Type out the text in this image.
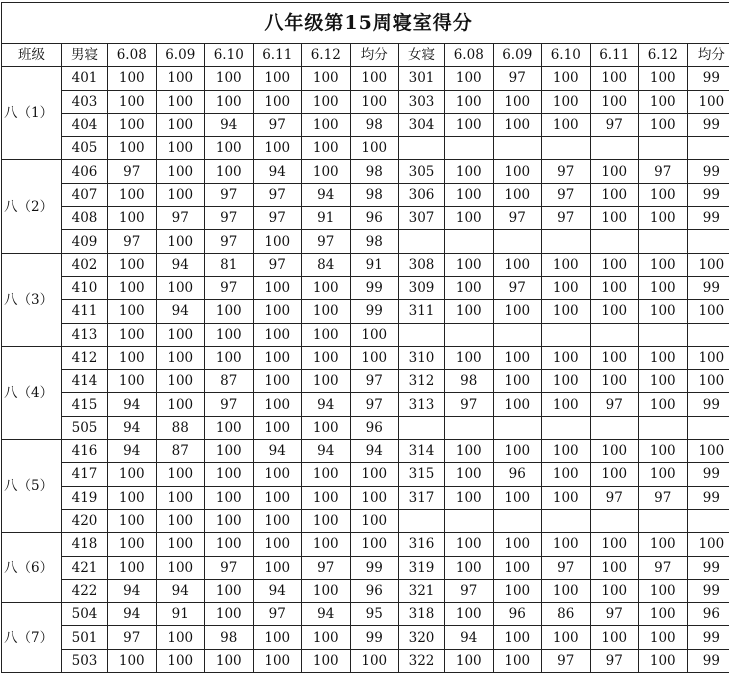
八年级第15周寝室得分														
班级	男寝	6.08	6.09	6.10	6.11	6.12	均分	女寝	6.08	6.09	6.10	6.11	6.12	均分
八（1）	401	100	100	100	100	100	100	301	100	97	100	100	100	99
	403	100	100	100	100	100	100	303	100	100	100	100	100	100
	404	100	100	94	97	100	98	304	100	100	100	97	100	99
	405	100	100	100	100	100	100							
八（2）	406	97	100	100	94	100	98	305	100	100	97	100	97	99
	407	100	100	97	97	94	98	306	100	100	97	100	100	99
	408	100	97	97	97	91	96	307	100	97	97	100	100	99
	409	97	100	97	100	97	98							
八（3）	402	100	94	81	97	84	91	308	100	100	100	100	100	100
	410	100	100	97	100	100	99	309	100	97	100	100	100	99
	411	100	94	100	100	100	99	311	100	100	100	100	100	100
	413	100	100	100	100	100	100							
八（4）	412	100	100	100	100	100	100	310	100	100	100	100	100	100
	414	100	100	87	100	100	97	312	98	100	100	100	100	100
	415	94	100	97	100	94	97	313	97	100	100	97	100	99
	505	94	88	100	100	100	96							
八（5）	416	94	87	100	94	94	94	314	100	100	100	100	100	100
	417	100	100	100	100	100	100	315	100	96	100	100	100	99
	419	100	100	100	100	100	100	317	100	100	100	97	97	99
	420	100	100	100	100	100	100							
八（6）	418	100	100	100	100	100	100	316	100	100	100	100	100	100
	421	100	100	97	100	97	99	319	100	100	97	100	97	99
	422	94	94	100	94	100	96	321	97	100	100	100	100	99
八（7）	504	94	91	100	97	94	95	318	100	96	86	97	100	96
	501	97	100	98	100	100	99	320	94	100	100	100	100	99
	503	100	100	100	100	100	100	322	100	100	97	97	100	99
